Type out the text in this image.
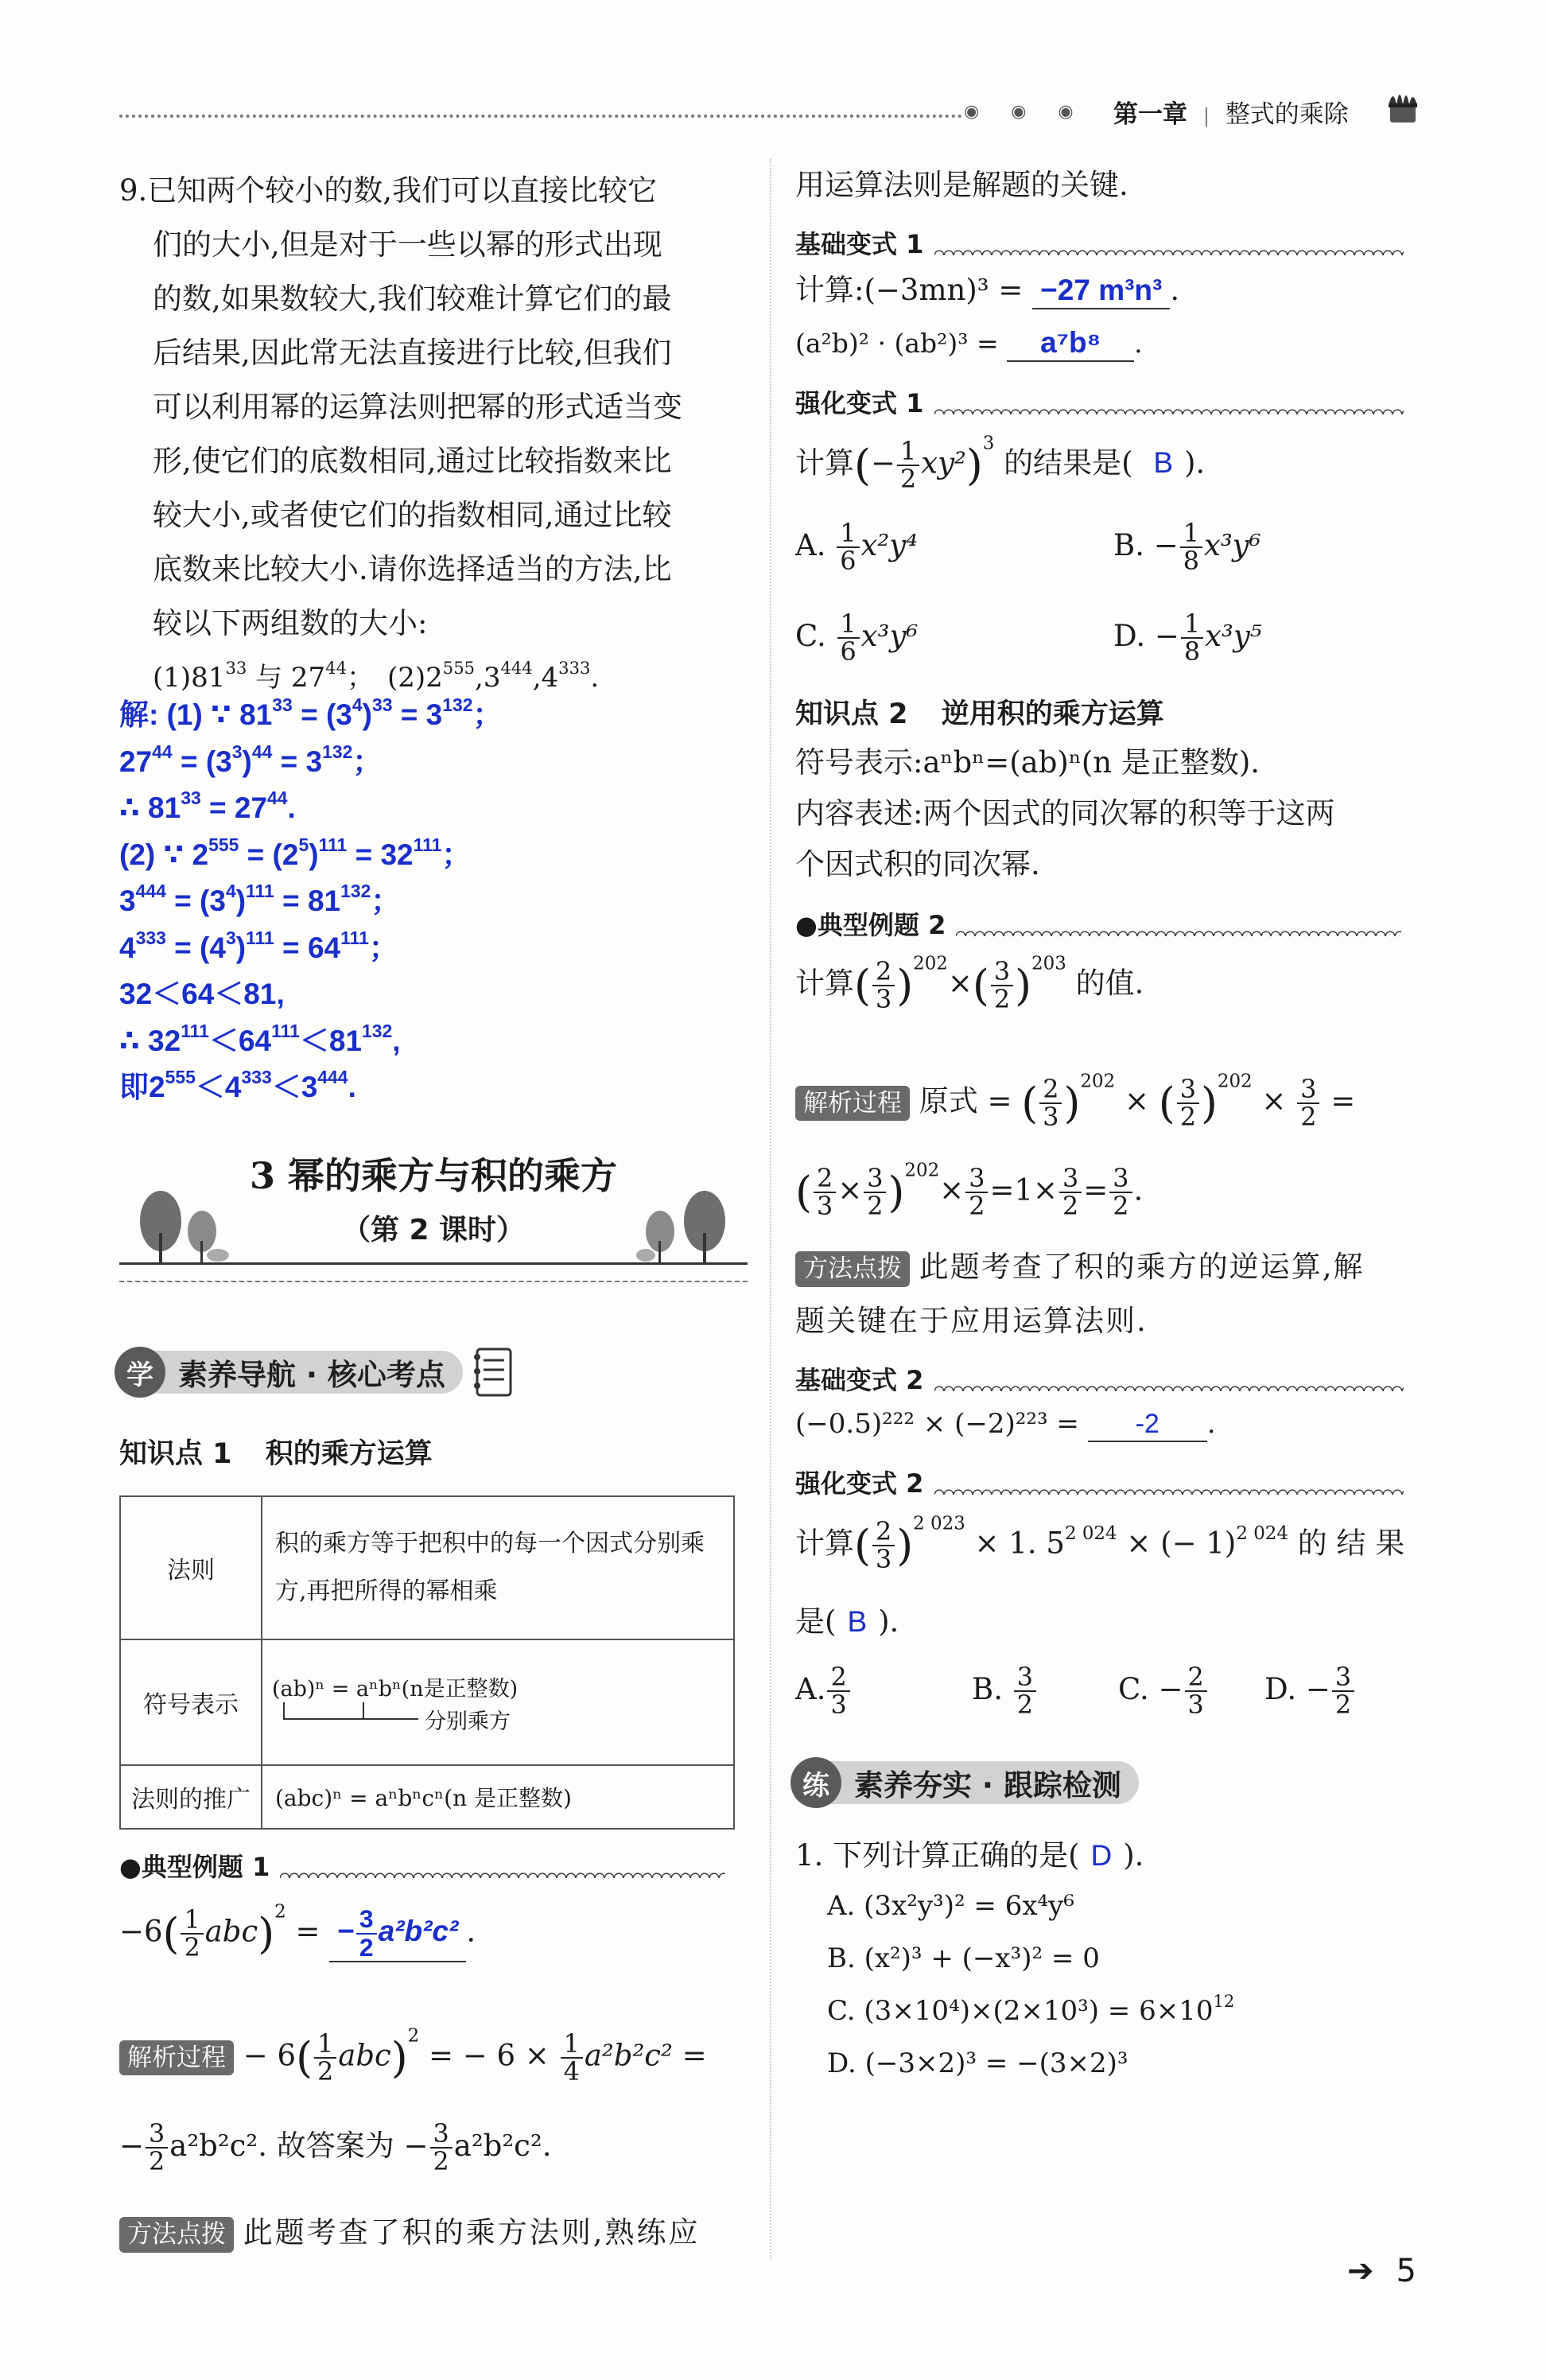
◉◉◉ 第一章 | 整式的乘除
9.已知两个较小的数,我们可以直接比较它
们的大小,但是对于一些以幂的形式出现
的数,如果数较大,我们较难计算它们的最
后结果,因此常无法直接进行比较,但我们
可以利用幂的运算法则把幂的形式适当变
形,使它们的底数相同,通过比较指数来比
较大小,或者使它们的指数相同,通过比较
底数来比较大小.请你选择适当的方法,比
较以下两组数的大小:
$(1)81^{33}$ 与 $27^{44}$；　$(2)2^{555},3^{444},4^{333}$.
解: (1) ∵ $81^{33} = (3^4)^{33} = 3^{132}$；
$27^{44} = (3^3)^{44} = 3^{132}$；
∴ $81^{33} = 27^{44}$.
(2) ∵ $2^{555} = (2^5)^{111} = 32^{111}$；
$3^{444} = (3^4)^{111} = 81^{132}$；
$4^{333} = (4^3)^{111} = 64^{111}$；
32＜64＜81,
∴ $32^{111}<64^{111}<81^{132}$,
即$2^{555}<4^{333}<3^{444}$.
3 幂的乘方与积的乘方
（第 2 课时）
学 素养导航 · 核心考点
知识点 1 积的乘方运算
法则	积的乘方等于把积中的每一个因式分别乘
方,再把所得的幂相乘

符号表示	(ab)ⁿ = aⁿbⁿ(n是正整数)
分别乘方

法则的推广	(abc)ⁿ = aⁿbⁿcⁿ(n 是正整数)
●典型例题 1
$-6( \frac{1}{2} abc)^2$ = − $\frac{3}{2} a^2b^2c^2$ .
解析过程 − $6( \frac{1}{2} abc)^2$ = − $6 \times \frac{1}{4} a^2b^2c^2$ =
− $\frac{3}{2} a^2b^2c^2$. 故答案为 − $\frac{3}{2} a^2b^2c^2$.
方法点拨 此题考查了积的乘方法则,熟练应
用运算法则是解题的关键.
基础变式 1
计算:(−3mn)³ = −27 m³n³ .
(a²b)² · (ab²)³ = a⁷b⁸ .
强化变式 1
计算(− $\frac{1}{2} xy^2)^3$ 的结果是( B ).
A. $\frac{1}{6} x^2y^4$	B. − $\frac{1}{8} x^3y^6$
C. $\frac{1}{6} x^3y^6$	D. − $\frac{1}{8} x^3y^5$
知识点 2 逆用积的乘方运算
符号表示:aⁿbⁿ=(ab)ⁿ(n 是正整数).
内容表述:两个因式的同次幂的积等于这两
个因式积的同次幂.
●典型例题 2
计算( $\frac{2}{3} )^{202}\times( \frac{3}{2} )^{203}$ 的值.
解析过程 原式 = ( $\frac{2}{3} )^{202}$ × ( $\frac{3}{2} )^{202} \times \frac{3}{2}$ =
( $\frac{2}{3} \times \frac{3}{2} )^{202}\times \frac{3}{2} =1\times \frac{3}{2} = \frac{3}{2}$ .
方法点拨 此题考查了积的乘方的逆运算,解
题关键在于应用运算法则.
基础变式 2
(−0.5)²²² × (−2)²²³ = -2 .
强化变式 2
计算( $\frac{2}{3} )^{2 023} \times 1$. $5^{2 024}$ × (− 1)$^{2 024}$ 的 结 果
是( B ).
A. $\frac{2}{3}$	B. $\frac{3}{2}$	C. − $\frac{2}{3} D$. − $\frac{3}{2}$
练 素养夯实 · 跟踪检测
1. 下列计算正确的是( D ).
A. (3x²y³)² = 6x⁴y⁶
B. (x²)³ + (−x³)² = 0
C. $(3\times 10^4)\times(2\times 10^3) = 6\times 10^{12}$
D. (−3×2)³ = −(3×2)³
➔ 5
